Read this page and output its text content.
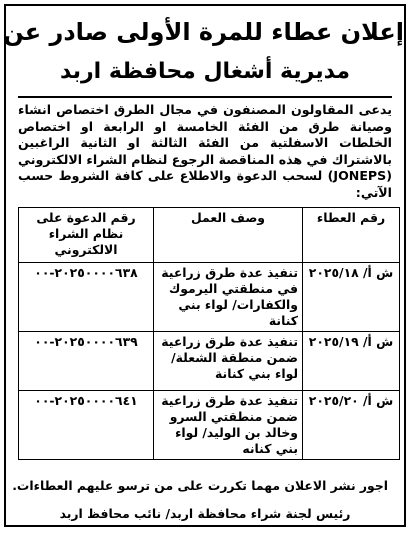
إعلان عطاء للمرة الأولى صادر عن
مديرية أشغال محافظة اربد
يدعى المقاولون المصنفون في مجال الطرق اختصاص انشاء وصيانة طرق من الفئة الخامسة او الرابعة او اختصاص الخلطات الاسفلتية من الفئة الثالثة او الثانية الراغبين بالاشتراك في هذه المناقصة الرجوع لنظام الشراء الالكتروني (JONEPS) لسحب الدعوة والاطلاع على كافة الشروط حسب الآتي:
رقم العطاء	وصف العمل	رقم الدعوة على نظام الشراء الالكتروني
ش أ/ ٢٠٢٥/١٨	تنفيذ عدة طرق زراعية في منطقتي اليرموك والكفارات/ لواء بني كنانة	٢٠٢٥٠٠٠٠٦٣٨-٠٠
ش أ/ ٢٠٢٥/١٩	تنفيذ عدة طرق زراعية ضمن منطقة الشعلة/ لواء بني كنانة	٢٠٢٥٠٠٠٠٦٣٩-٠٠
ش أ/ ٢٠٢٥/٢٠	تنفيذ عدة طرق زراعية ضمن منطقتي السرو وخالد بن الوليد/ لواء بني كنانه	٢٠٢٥٠٠٠٠٦٤١-٠٠
اجور نشر الاعلان مهما تكررت على من ترسو عليهم العطاءات.
رئيس لجنة شراء محافظة اربد/ نائب محافظ اربد
